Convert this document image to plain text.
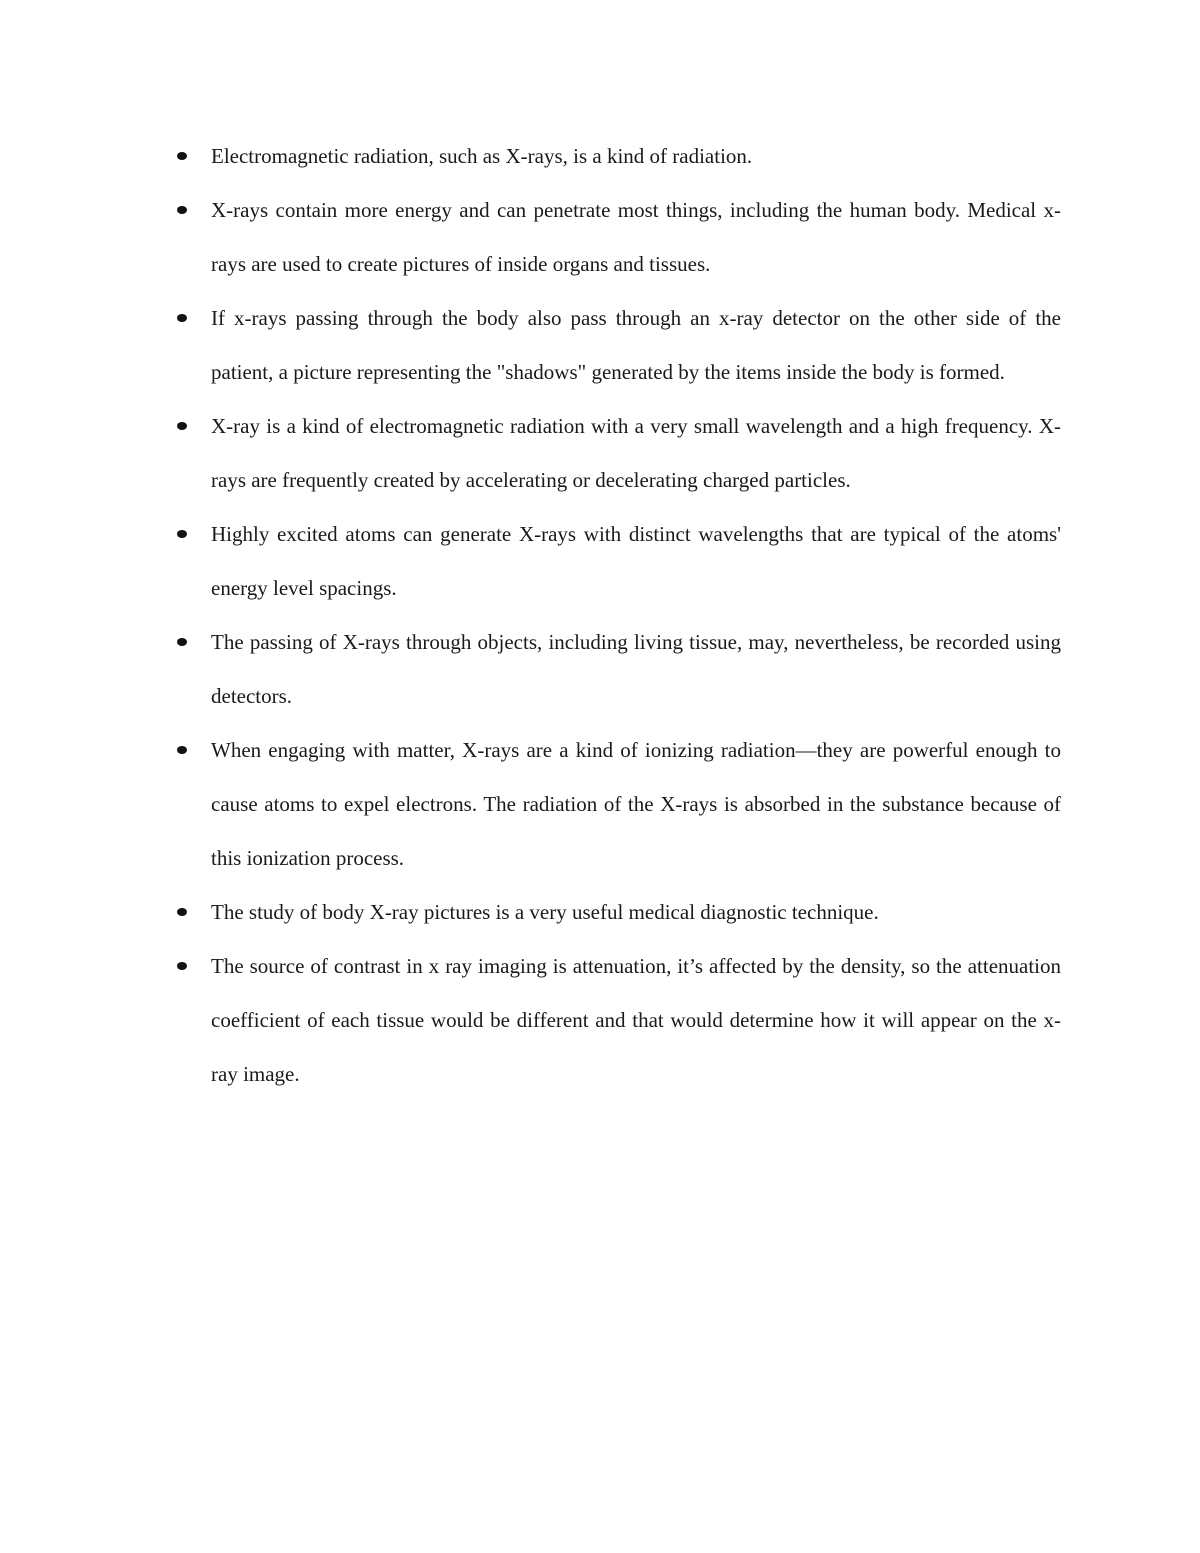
Electromagnetic radiation, such as X-rays, is a kind of radiation.
X-rays contain more energy and can penetrate most things, including the human body. Medical x-rays are used to create pictures of inside organs and tissues.
If x-rays passing through the body also pass through an x-ray detector on the other side of the patient, a picture representing the "shadows" generated by the items inside the body is formed.
X-ray is a kind of electromagnetic radiation with a very small wavelength and a high frequency. X-rays are frequently created by accelerating or decelerating charged particles.
Highly excited atoms can generate X-rays with distinct wavelengths that are typical of the atoms' energy level spacings.
The passing of X-rays through objects, including living tissue, may, nevertheless, be recorded using detectors.
When engaging with matter, X-rays are a kind of ionizing radiation—they are powerful enough to cause atoms to expel electrons. The radiation of the X-rays is absorbed in the substance because of this ionization process.
The study of body X-ray pictures is a very useful medical diagnostic technique.
The source of contrast in x ray imaging is attenuation, it’s affected by the density, so the attenuation coefficient of each tissue would be different and that would determine how it will appear on the x-ray image.
